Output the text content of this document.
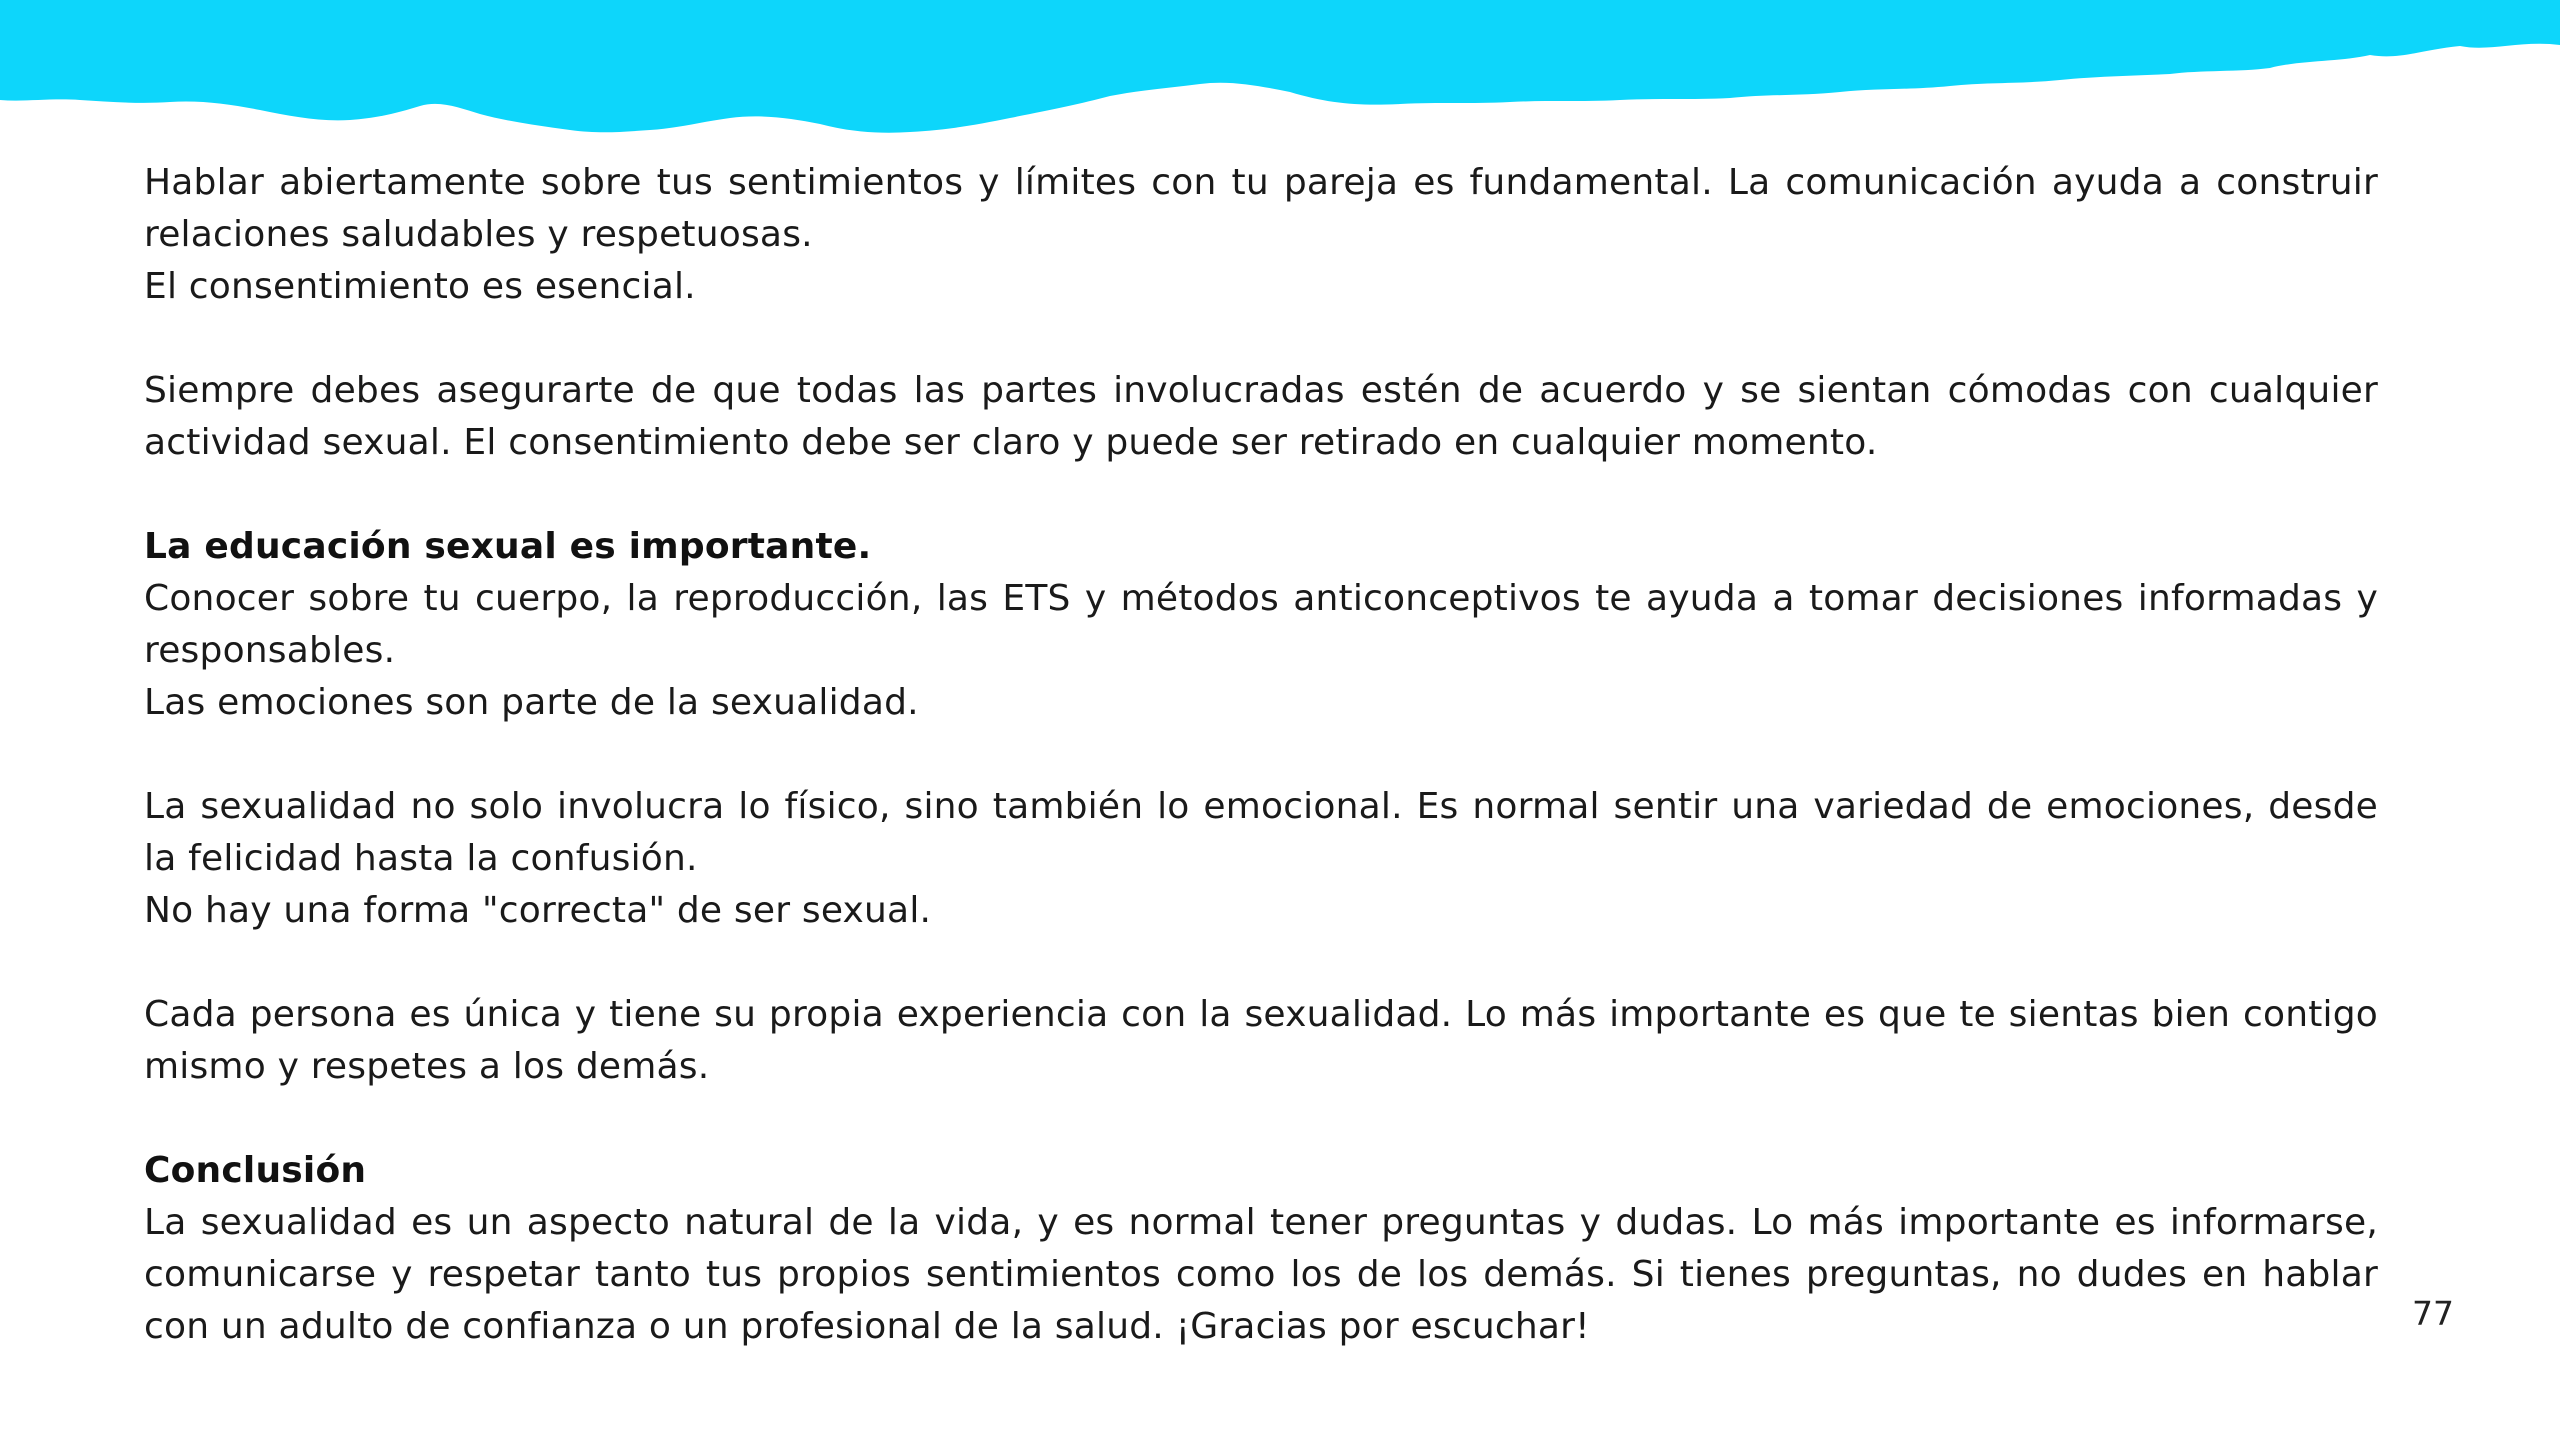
Hablar abiertamente sobre tus sentimientos y límites con tu pareja es fundamental. La comunicación ayuda a construir relaciones saludables y respetuosas.

El consentimiento es esencial.

Siempre debes asegurarte de que todas las partes involucradas estén de acuerdo y se sientan cómodas con cualquier actividad sexual. El consentimiento debe ser claro y puede ser retirado en cualquier momento.

La educación sexual es importante.

Conocer sobre tu cuerpo, la reproducción, las ETS y métodos anticonceptivos te ayuda a tomar decisiones informadas y responsables.

Las emociones son parte de la sexualidad.

La sexualidad no solo involucra lo físico, sino también lo emocional. Es normal sentir una variedad de emociones, desde la felicidad hasta la confusión.

No hay una forma "correcta" de ser sexual.

Cada persona es única y tiene su propia experiencia con la sexualidad. Lo más importante es que te sientas bien contigo mismo y respetes a los demás.

Conclusión

La sexualidad es un aspecto natural de la vida, y es normal tener preguntas y dudas. Lo más importante es informarse, comunicarse y respetar tanto tus propios sentimientos como los de los demás. Si tienes preguntas, no dudes en hablar con un adulto de confianza o un profesional de la salud. ¡Gracias por escuchar!	77
